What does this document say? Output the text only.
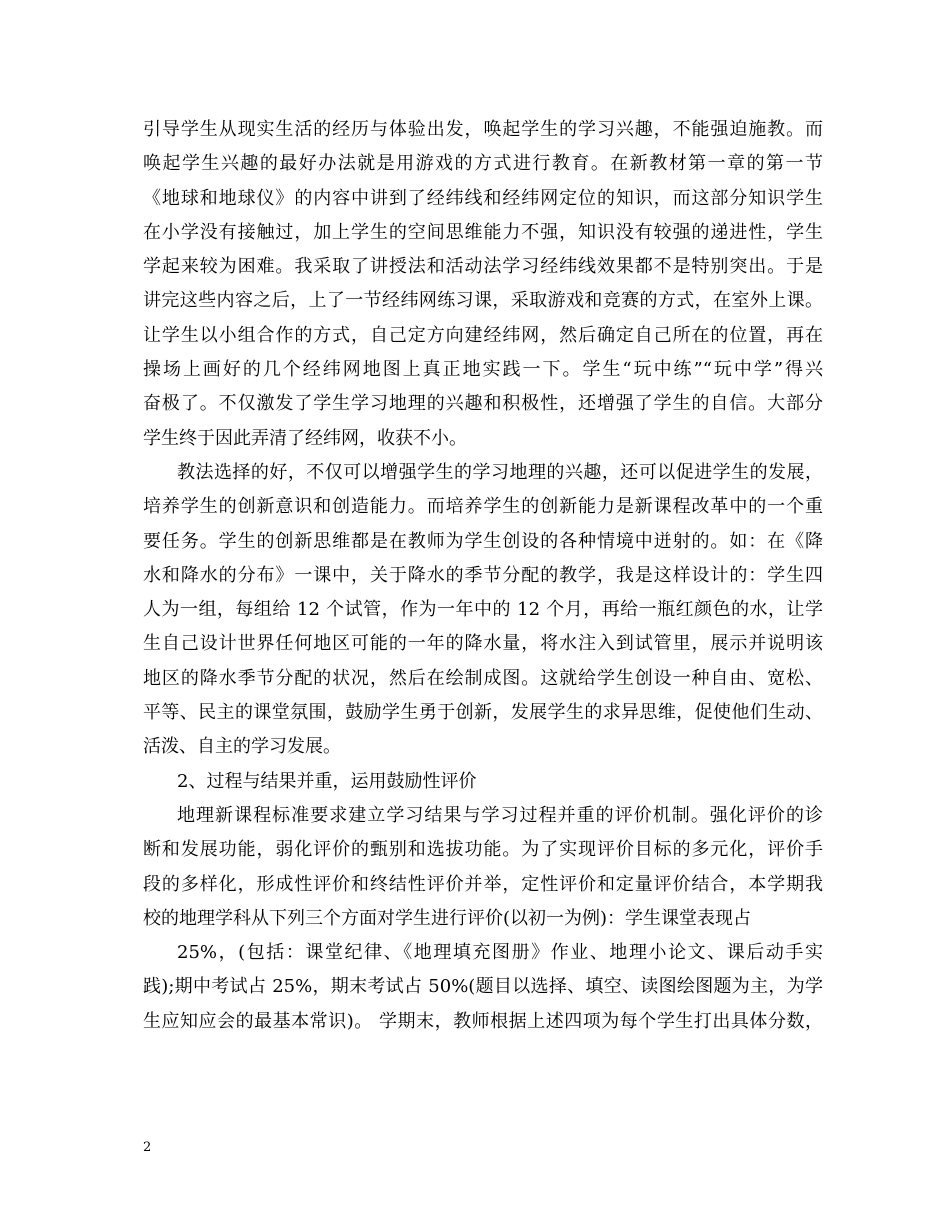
引导学生从现实生活的经历与体验出发，唤起学生的学习兴趣，不能强迫施教。而

唤起学生兴趣的最好办法就是用游戏的方式进行教育。在新教材第一章的第一节

《地球和地球仪》的内容中讲到了经纬线和经纬网定位的知识，而这部分知识学生

在小学没有接触过，加上学生的空间思维能力不强，知识没有较强的递进性，学生

学起来较为困难。我采取了讲授法和活动法学习经纬线效果都不是特别突出。于是

讲完这些内容之后，上了一节经纬网练习课，采取游戏和竞赛的方式，在室外上课。

让学生以小组合作的方式，自己定方向建经纬网，然后确定自己所在的位置，再在

操场上画好的几个经纬网地图上真正地实践一下。学生“玩中练”“玩中学”得兴

奋极了。不仅激发了学生学习地理的兴趣和积极性，还增强了学生的自信。大部分

学生终于因此弄清了经纬网，收获不小。

教法选择的好，不仅可以增强学生的学习地理的兴趣，还可以促进学生的发展，

培养学生的创新意识和创造能力。而培养学生的创新能力是新课程改革中的一个重

要任务。学生的创新思维都是在教师为学生创设的各种情境中迸射的。如：在《降

水和降水的分布》一课中，关于降水的季节分配的教学，我是这样设计的：学生四

人为一组，每组给 12 个试管，作为一年中的 12 个月，再给一瓶红颜色的水，让学

生自己设计世界任何地区可能的一年的降水量，将水注入到试管里，展示并说明该

地区的降水季节分配的状况，然后在绘制成图。这就给学生创设一种自由、宽松、

平等、民主的课堂氛围，鼓励学生勇于创新，发展学生的求异思维，促使他们生动、

活泼、自主的学习发展。

2、过程与结果并重，运用鼓励性评价

地理新课程标准要求建立学习结果与学习过程并重的评价机制。强化评价的诊

断和发展功能，弱化评价的甄别和选拔功能。为了实现评价目标的多元化，评价手

段的多样化，形成性评价和终结性评价并举，定性评价和定量评价结合，本学期我

校的地理学科从下列三个方面对学生进行评价(以初一为例)：学生课堂表现占

25%，(包括：课堂纪律、《地理填充图册》作业、地理小论文、课后动手实

践);期中考试占 25%，期末考试占 50%(题目以选择、填空、读图绘图题为主，为学

生应知应会的最基本常识)。 学期末，教师根据上述四项为每个学生打出具体分数，

2
